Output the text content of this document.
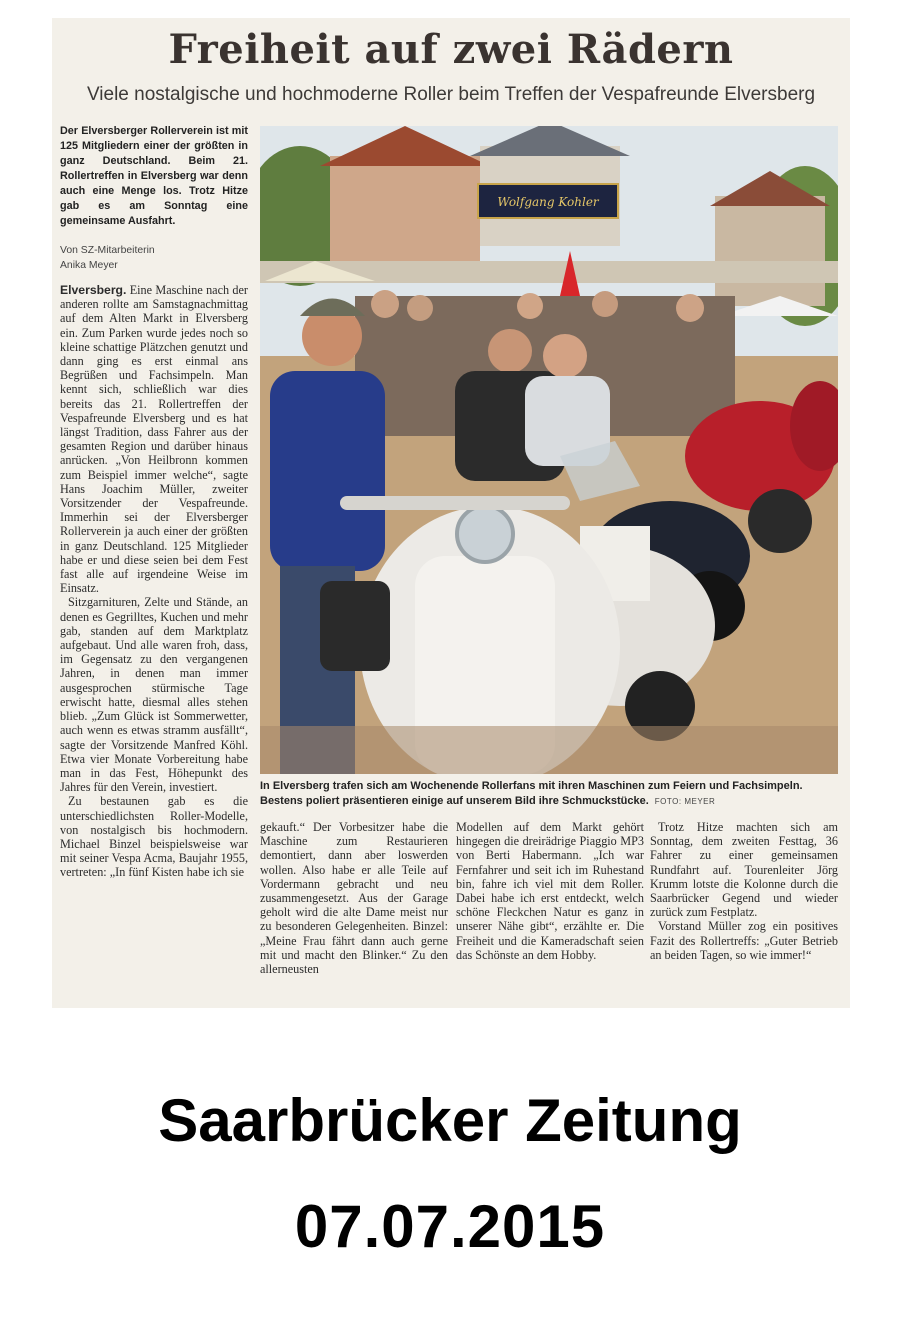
Freiheit auf zwei Rädern

Viele nostalgische und hochmoderne Roller beim Treffen der Vespafreunde Elversberg

Der Elversberger Rollerverein ist mit 125 Mitgliedern einer der größten in ganz Deutschland. Beim 21. Rollertreffen in Elversberg war denn auch eine Menge los. Trotz Hitze gab es am Sonntag eine gemeinsame Ausfahrt.

Von SZ-Mitarbeiterin
Anika Meyer

Elversberg. Eine Maschine nach der anderen rollte am Samstagnachmittag auf dem Alten Markt in Elversberg ein. Zum Parken wurde jedes noch so kleine schattige Plätzchen genutzt und dann ging es erst einmal ans Begrüßen und Fachsimpeln. Man kennt sich, schließlich war dies bereits das 21. Rollertreffen der Vespafreunde Elversberg und es hat längst Tradition, dass Fahrer aus der gesamten Region und darüber hinaus anrücken. „Von Heilbronn kommen zum Beispiel immer welche“, sagte Hans Joachim Müller, zweiter Vorsitzender der Vespafreunde. Immerhin sei der Elversberger Rollerverein ja auch einer der größten in ganz Deutschland. 125 Mitglieder habe er und diese seien bei dem Fest fast alle auf irgendeine Weise im Einsatz.

Sitzgarnituren, Zelte und Stände, an denen es Gegrilltes, Kuchen und mehr gab, standen auf dem Marktplatz aufgebaut. Und alle waren froh, dass, im Gegensatz zu den vergangenen Jahren, in denen man immer ausgesprochen stürmische Tage erwischt hatte, diesmal alles stehen blieb. „Zum Glück ist Sommerwetter, auch wenn es etwas stramm ausfällt“, sagte der Vorsitzende Manfred Köhl. Etwa vier Monate Vorbereitung habe man in das Fest, Höhepunkt des Jahres für den Verein, investiert.

Zu bestaunen gab es die unterschiedlichsten Roller-Modelle, von nostalgisch bis hochmodern. Michael Binzel beispielsweise war mit seiner Vespa Acma, Baujahr 1955, vertreten: „In fünf Kisten habe ich sie

Wolfgang Kohler

In Elversberg trafen sich am Wochenende Rollerfans mit ihren Maschinen zum Feiern und Fachsimpeln. Bestens poliert präsentieren einige auf unserem Bild ihre Schmuckstücke. FOTO: MEYER

gekauft.“ Der Vorbesitzer habe die Maschine zum Restaurieren demontiert, dann aber loswerden wollen. Also habe er alle Teile auf Vordermann gebracht und neu zusammengesetzt. Aus der Garage geholt wird die alte Dame meist nur zu besonderen Gelegenheiten. Binzel: „Meine Frau fährt dann auch gerne mit und macht den Blinker.“ Zu den allerneusten

Modellen auf dem Markt gehört hingegen die dreirädrige Piaggio MP3 von Berti Habermann. „Ich war Fernfahrer und seit ich im Ruhestand bin, fahre ich viel mit dem Roller. Dabei habe ich erst entdeckt, welch schöne Fleckchen Natur es ganz in unserer Nähe gibt“, erzählte er. Die Freiheit und die Kameradschaft seien das Schönste an dem Hobby.

Trotz Hitze machten sich am Sonntag, dem zweiten Festtag, 36 Fahrer zu einer gemeinsamen Rundfahrt auf. Tourenleiter Jörg Krumm lotste die Kolonne durch die Saarbrücker Gegend und wieder zurück zum Festplatz.

Vorstand Müller zog ein positives Fazit des Rollertreffs: „Guter Betrieb an beiden Tagen, so wie immer!“

Saarbrücker Zeitung

07.07.2015
